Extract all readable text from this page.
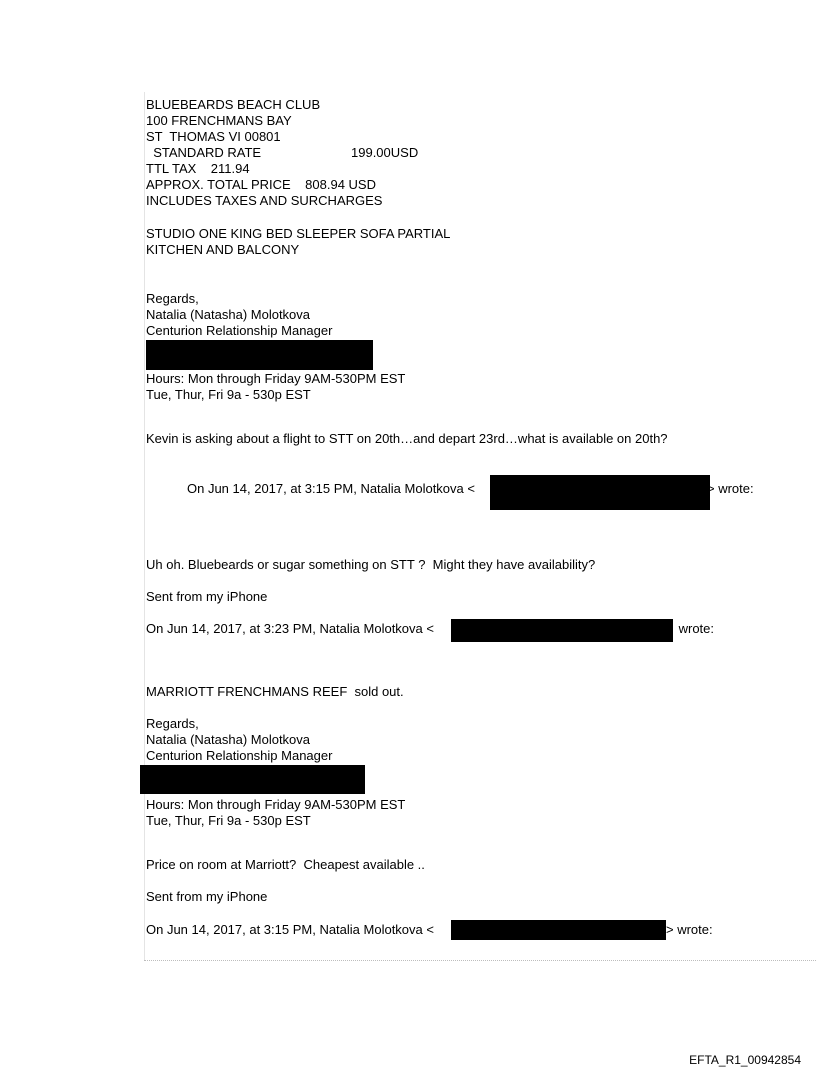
BLUEBEARDS BEACH CLUB
100 FRENCHMANS BAY
ST  THOMAS VI 00801
STANDARD RATE	199.00USD
TTL TAX    211.94
APPROX. TOTAL PRICE    808.94 USD
INCLUDES TAXES AND SURCHARGES
STUDIO ONE KING BED SLEEPER SOFA PARTIAL
KITCHEN AND BALCONY
Regards,
Natalia (Natasha) Molotkova
Centurion Relationship Manager
Hours: Mon through Friday 9AM-530PM EST
Tue, Thur, Fri 9a - 530p EST
Kevin is asking about a flight to STT on 20th…and depart 23rd…what is available on 20th?
On Jun 14, 2017, at 3:15 PM, Natalia Molotkova <	> wrote:
Uh oh. Bluebeards or sugar something on STT ?  Might they have availability?
Sent from my iPhone
On Jun 14, 2017, at 3:23 PM, Natalia Molotkova <	wrote:
MARRIOTT FRENCHMANS REEF  sold out.
Regards,
Natalia (Natasha) Molotkova
Centurion Relationship Manager
Hours: Mon through Friday 9AM-530PM EST
Tue, Thur, Fri 9a - 530p EST
Price on room at Marriott?  Cheapest available ..
Sent from my iPhone
On Jun 14, 2017, at 3:15 PM, Natalia Molotkova <	> wrote:
EFTA_R1_00942854
